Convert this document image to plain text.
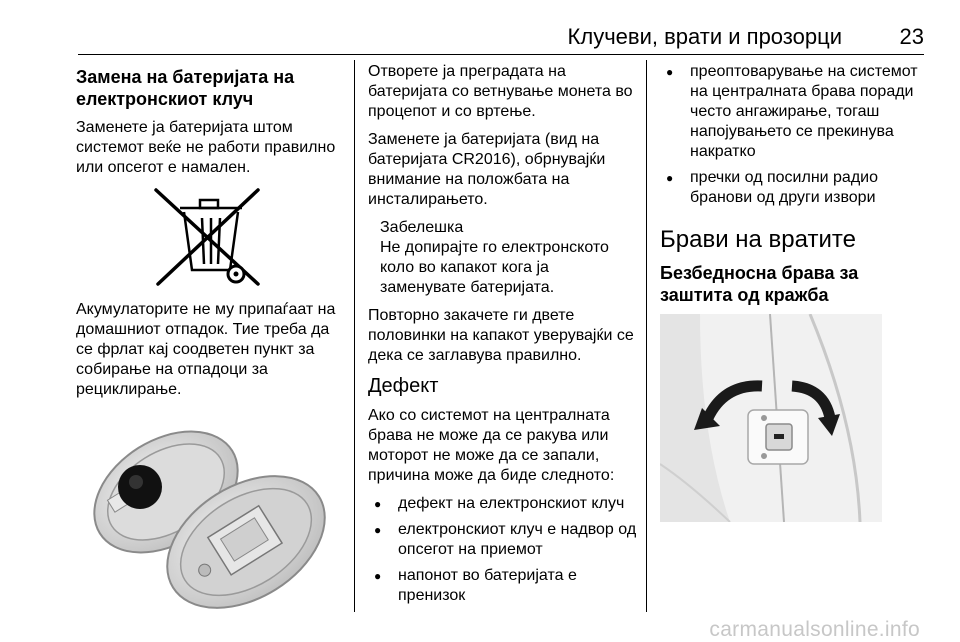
Клучеви, врати и прозорци	23
Замена на батеријата на електронскиот клуч

Заменете ја батеријата штом системот веќе не работи правилно или опсегот е намален.

Акумулаторите не му припаѓаат на домашниот отпадок. Тие треба да се фрлат кај соодветен пункт за собирање на отпадоци за рециклирање.

Отворете ја преградата на батеријата со ветнување монета во процепот и со вртење.

Заменете ја батеријата (вид на батеријата CR2016), обрнувајќи внимание на положбата на инсталирањето.

Забелешка
Не допирајте го електронското коло во капакот кога ја заменувате батеријата.

Повторно закачете ги двете половинки на капакот уверувајќи се дека се заглавува правилно.

Дефект

Ако со системот на централната брава не може да се ракува или моторот не може да се запали, причина може да биде следното:

● дефект на електронскиот клуч
● електронскиот клуч е надвор од опсегот на приемот
● напонот во батеријата е пренизок
● преоптоварување на системот на централната брава поради често ангажирање, тогаш напојувањето се прекинува накратко
● пречки од посилни радио бранови од други извори
Брави на вратите
Безбедносна брава за заштита од кражба
carmanualsonline.info
